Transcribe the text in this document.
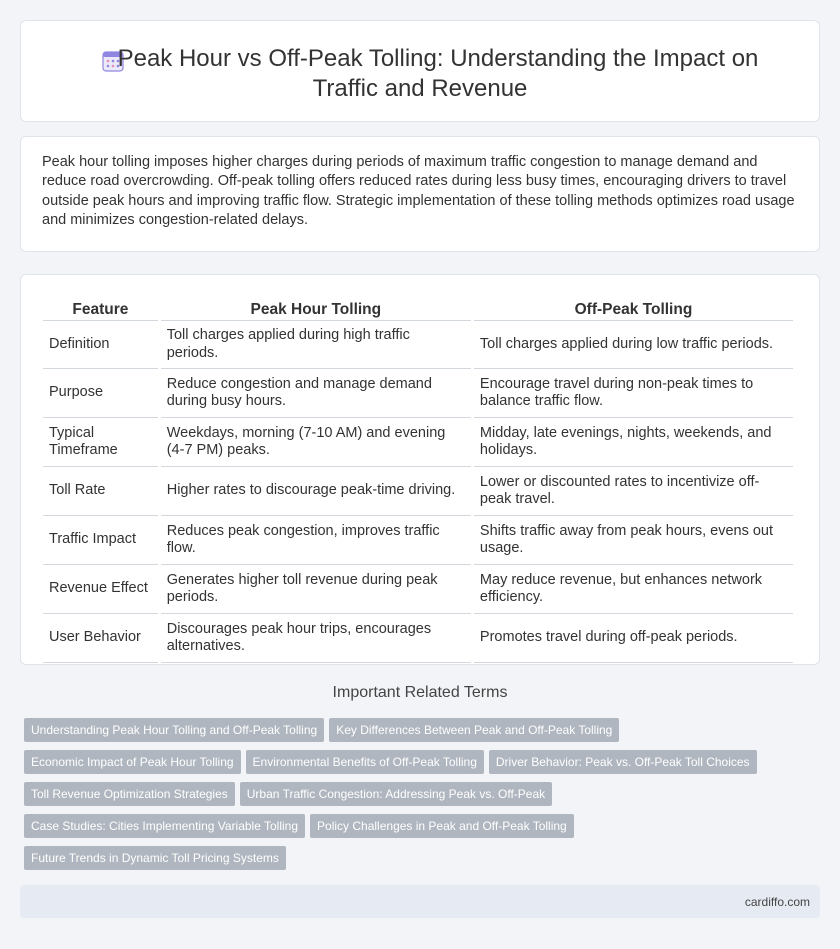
Peak Hour vs Off-Peak Tolling: Understanding the Impact on Traffic and Revenue

Peak hour tolling imposes higher charges during periods of maximum traffic congestion to manage demand and reduce road overcrowding. Off-peak tolling offers reduced rates during less busy times, encouraging drivers to travel outside peak hours and improving traffic flow. Strategic implementation of these tolling methods optimizes road usage and minimizes congestion-related delays.

Feature	Peak Hour Tolling	Off-Peak Tolling
Definition	Toll charges applied during high traffic periods.	Toll charges applied during low traffic periods.
Purpose	Reduce congestion and manage demand during busy hours.	Encourage travel during non-peak times to balance traffic flow.
Typical Timeframe	Weekdays, morning (7-10 AM) and evening (4-7 PM) peaks.	Midday, late evenings, nights, weekends, and holidays.
Toll Rate	Higher rates to discourage peak-time driving.	Lower or discounted rates to incentivize off-peak travel.
Traffic Impact	Reduces peak congestion, improves traffic flow.	Shifts traffic away from peak hours, evens out usage.
Revenue Effect	Generates higher toll revenue during peak periods.	May reduce revenue, but enhances network efficiency.
User Behavior	Discourages peak hour trips, encourages alternatives.	Promotes travel during off-peak periods.
Important Related Terms
Understanding Peak Hour Tolling and Off-Peak Tolling Key Differences Between Peak and Off-Peak Tolling
Economic Impact of Peak Hour Tolling Environmental Benefits of Off-Peak Tolling Driver Behavior: Peak vs. Off-Peak Toll Choices
Toll Revenue Optimization Strategies Urban Traffic Congestion: Addressing Peak vs. Off-Peak
Case Studies: Cities Implementing Variable Tolling Policy Challenges in Peak and Off-Peak Tolling
Future Trends in Dynamic Toll Pricing Systems
cardiffo.com
